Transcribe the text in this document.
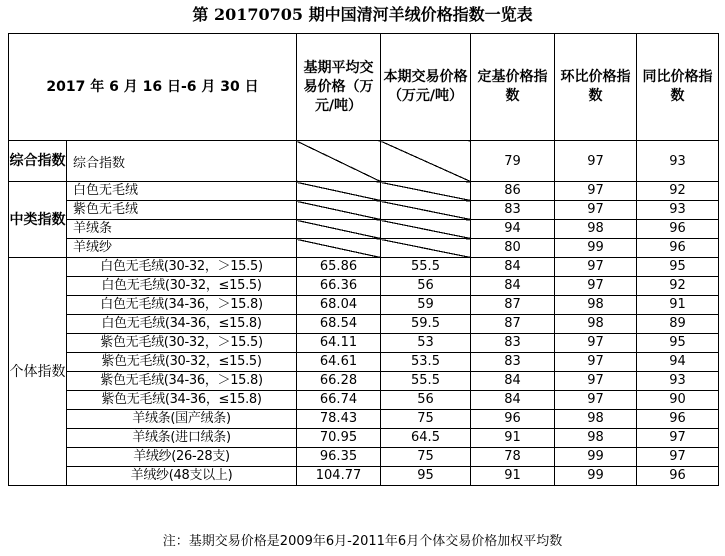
第 20170705 期中国清河羊绒价格指数一览表
2017 年 6 月 16 日-6 月 30 日		基期平均交易价格（万元/吨）	本期交易价格（万元/吨）	定基价格指数	环比价格指数	同比价格指数
综合指数	综合指数			79	97	93
中类指数	白色无毛绒			86	97	92
	紫色无毛绒			83	97	93
	羊绒条			94	98	96
	羊绒纱			80	99	96
个体指数	白色无毛绒(30-32，＞15.5)	65.86	55.5	84	97	95
	白色无毛绒(30-32，≤15.5)	66.36	56	84	97	92
	白色无毛绒(34-36，＞15.8)	68.04	59	87	98	91
	白色无毛绒(34-36，≤15.8)	68.54	59.5	87	98	89
	紫色无毛绒(30-32，＞15.5)	64.11	53	83	97	95
	紫色无毛绒(30-32，≤15.5)	64.61	53.5	83	97	94
	紫色无毛绒(34-36，＞15.8)	66.28	55.5	84	97	93
	紫色无毛绒(34-36，≤15.8)	66.74	56	84	97	90
	羊绒条(国产绒条)	78.43	75	96	98	96
	羊绒条(进口绒条)	70.95	64.5	91	98	97
	羊绒纱(26-28支)	96.35	75	78	99	97
	羊绒纱(48支以上)	104.77	95	91	99	96
注：基期交易价格是2009年6月-2011年6月个体交易价格加权平均数
